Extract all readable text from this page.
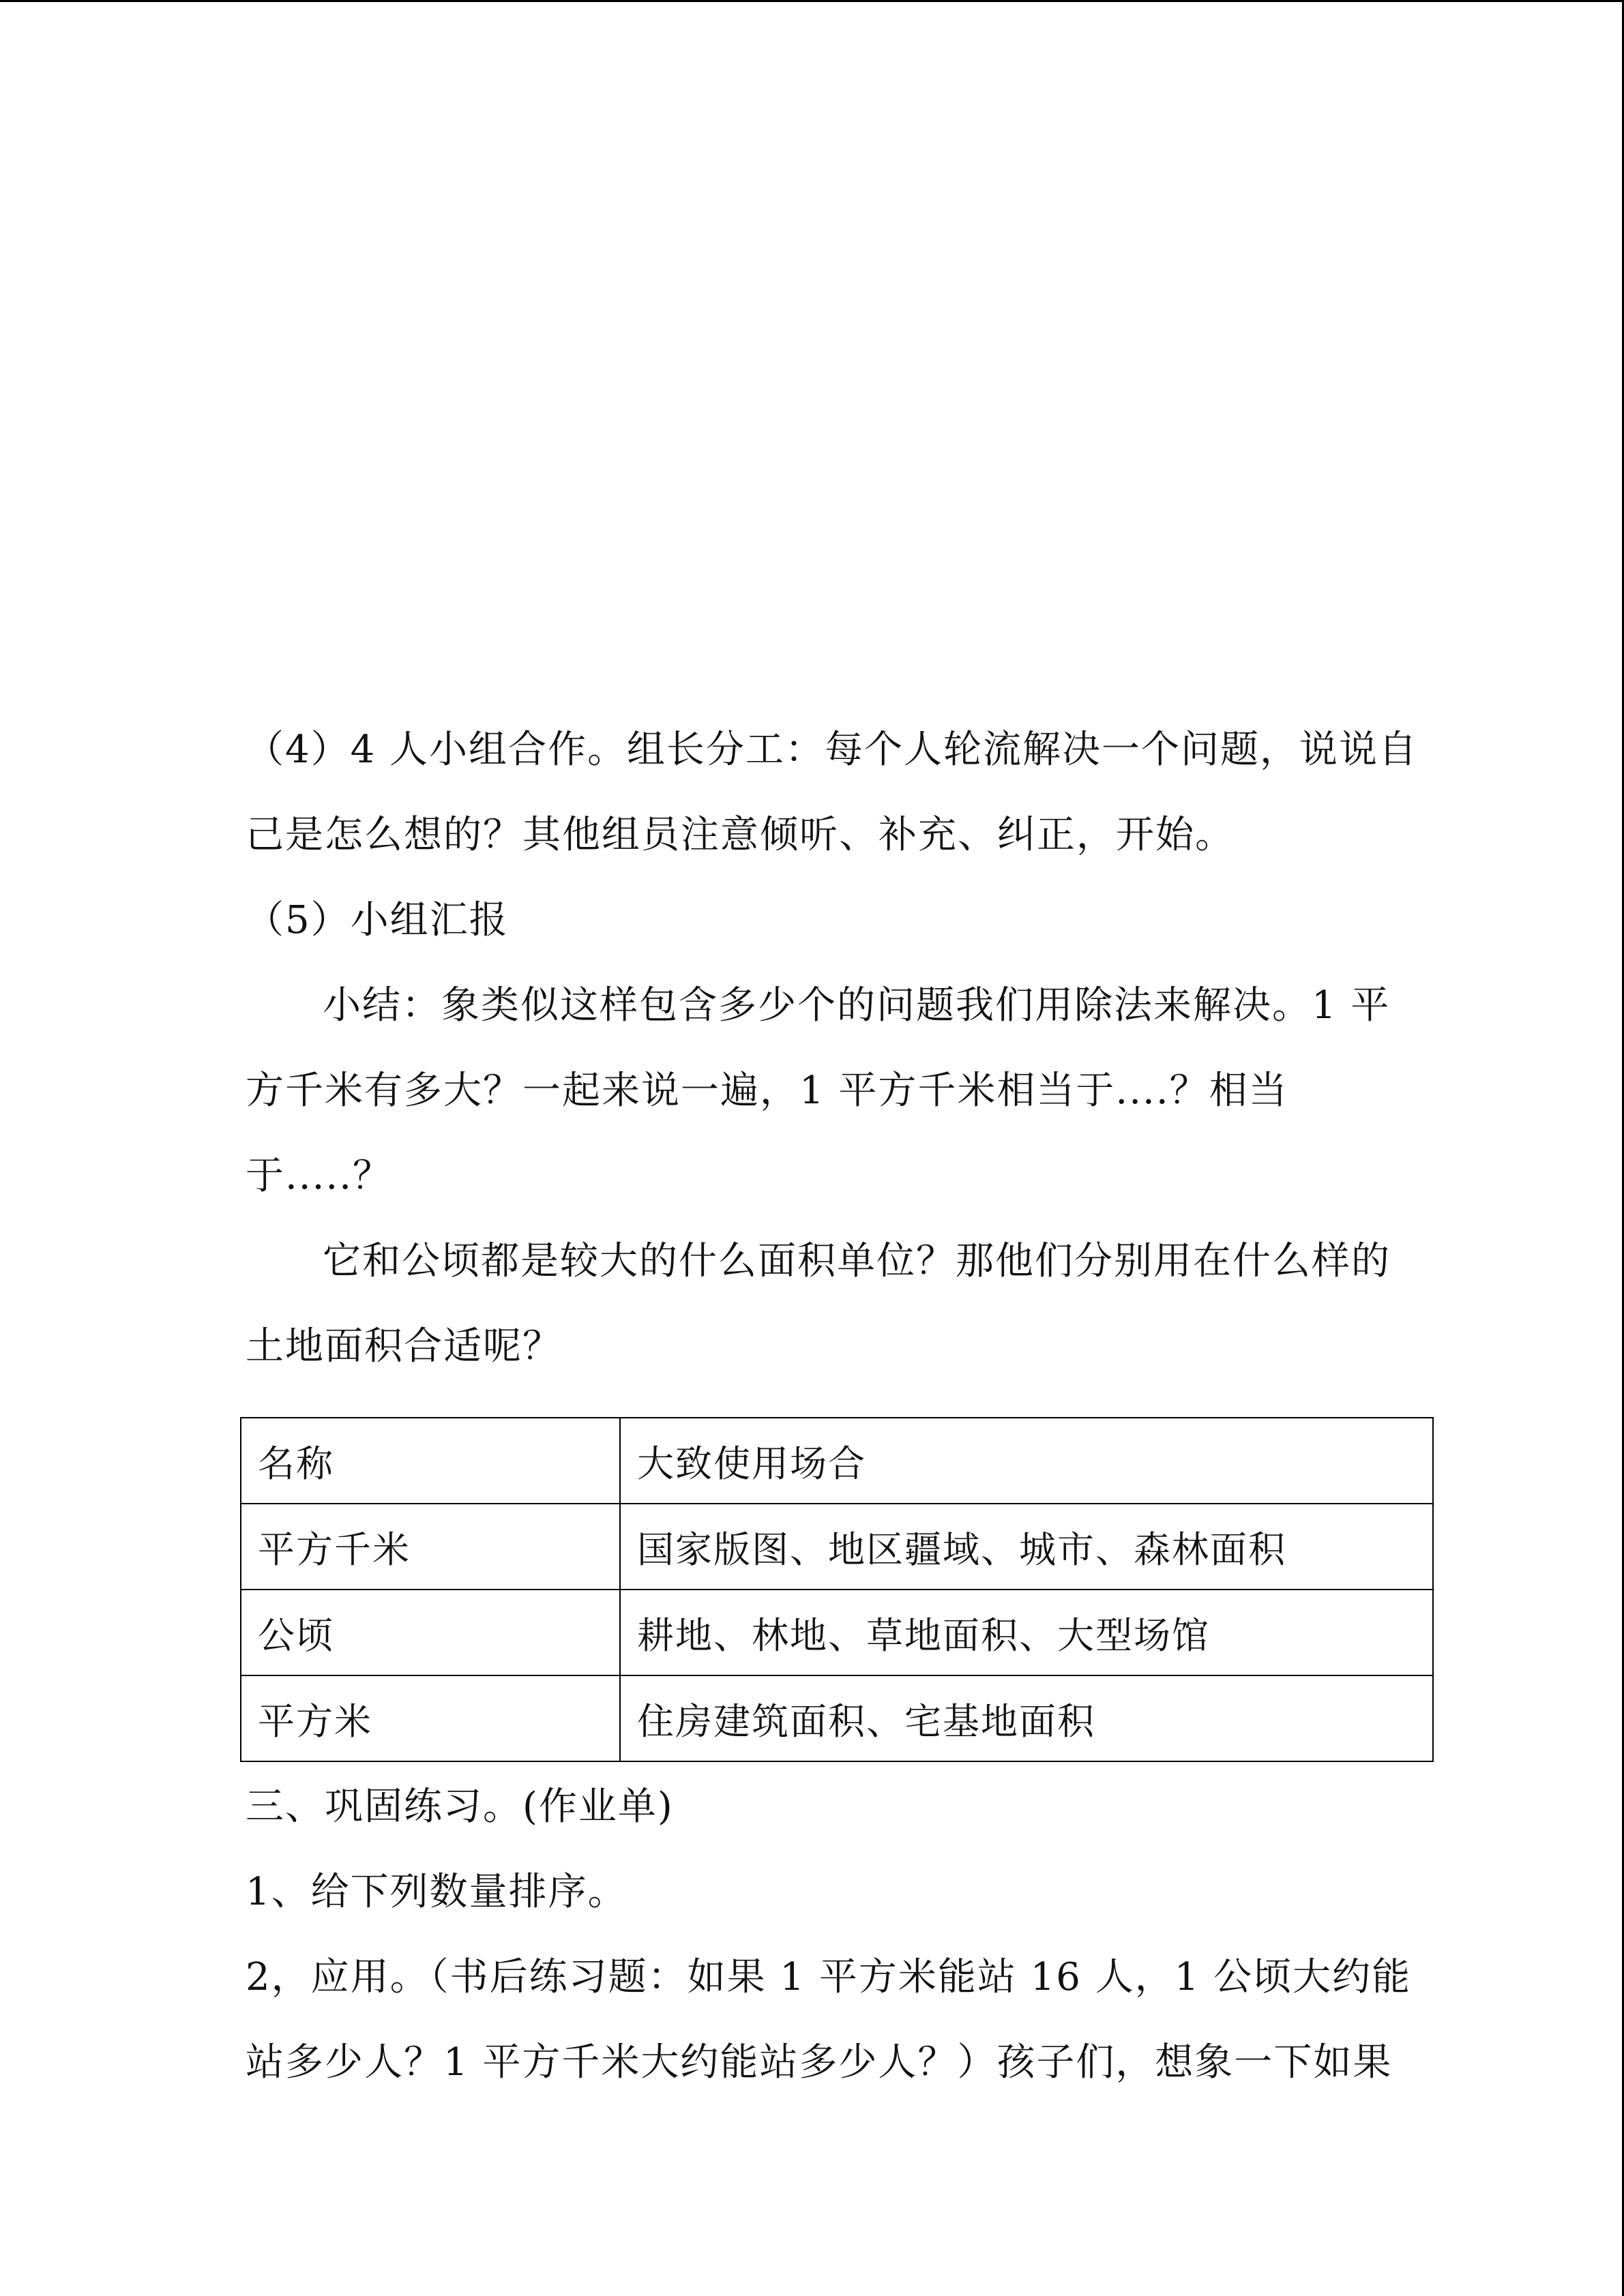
（4）4 人小组合作。组长分工：每个人轮流解决一个问题，说说自
己是怎么想的？其他组员注意倾听、补充、纠正，开始。
（5）小组汇报
小结：象类似这样包含多少个的问题我们用除法来解决。1 平
方千米有多大？一起来说一遍，1 平方千米相当于....？相当
于.....？
它和公顷都是较大的什么面积单位？那他们分别用在什么样的
土地面积合适呢？
名称	大致使用场合
平方千米	国家版图、地区疆域、城市、森林面积
公顷	耕地、林地、草地面积、大型场馆
平方米	住房建筑面积、宅基地面积
三、巩固练习。(作业单)
1、给下列数量排序。
2，应用。（书后练习题：如果 1 平方米能站 16 人，1 公顷大约能
站多少人？1 平方千米大约能站多少人？）孩子们，想象一下如果
